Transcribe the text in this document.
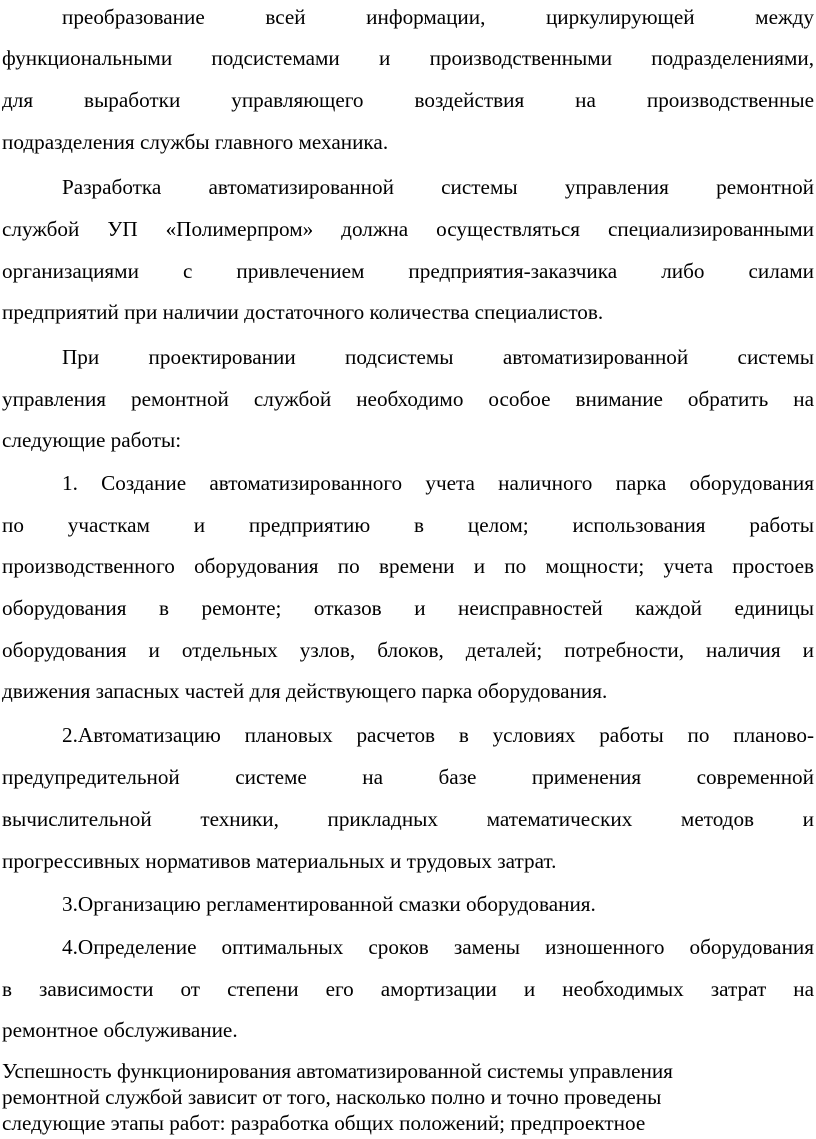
преобразование всей информации, циркулирующей между
функциональными подсистемами и производственными подразделениями,
для выработки управляющего воздействия на производственные
подразделения службы главного механика.
Разработка автоматизированной системы управления ремонтной
службой УП «Полимерпром» должна осуществляться специализированными
организациями с привлечением предприятия-заказчика либо силами
предприятий при наличии достаточного количества специалистов.
При проектировании подсистемы автоматизированной системы
управления ремонтной службой необходимо особое внимание обратить на
следующие работы:
1. Создание автоматизированного учета наличного парка оборудования
по участкам и предприятию в целом; использования работы
производственного оборудования по времени и по мощности; учета простоев
оборудования в ремонте; отказов и неисправностей каждой единицы
оборудования и отдельных узлов, блоков, деталей; потребности, наличия и
движения запасных частей для действующего парка оборудования.
2.Автоматизацию плановых расчетов в условиях работы по планово-
предупредительной системе на базе применения современной
вычислительной техники, прикладных математических методов и
прогрессивных нормативов материальных и трудовых затрат.
3.Организацию регламентированной смазки оборудования.
4.Определение оптимальных сроков замены изношенного оборудования
в зависимости от степени его амортизации и необходимых затрат на
ремонтное обслуживание.
Успешность функционирования автоматизированной системы управления
ремонтной службой зависит от того, насколько полно и точно проведены
следующие этапы работ: разработка общих положений; предпроектное
